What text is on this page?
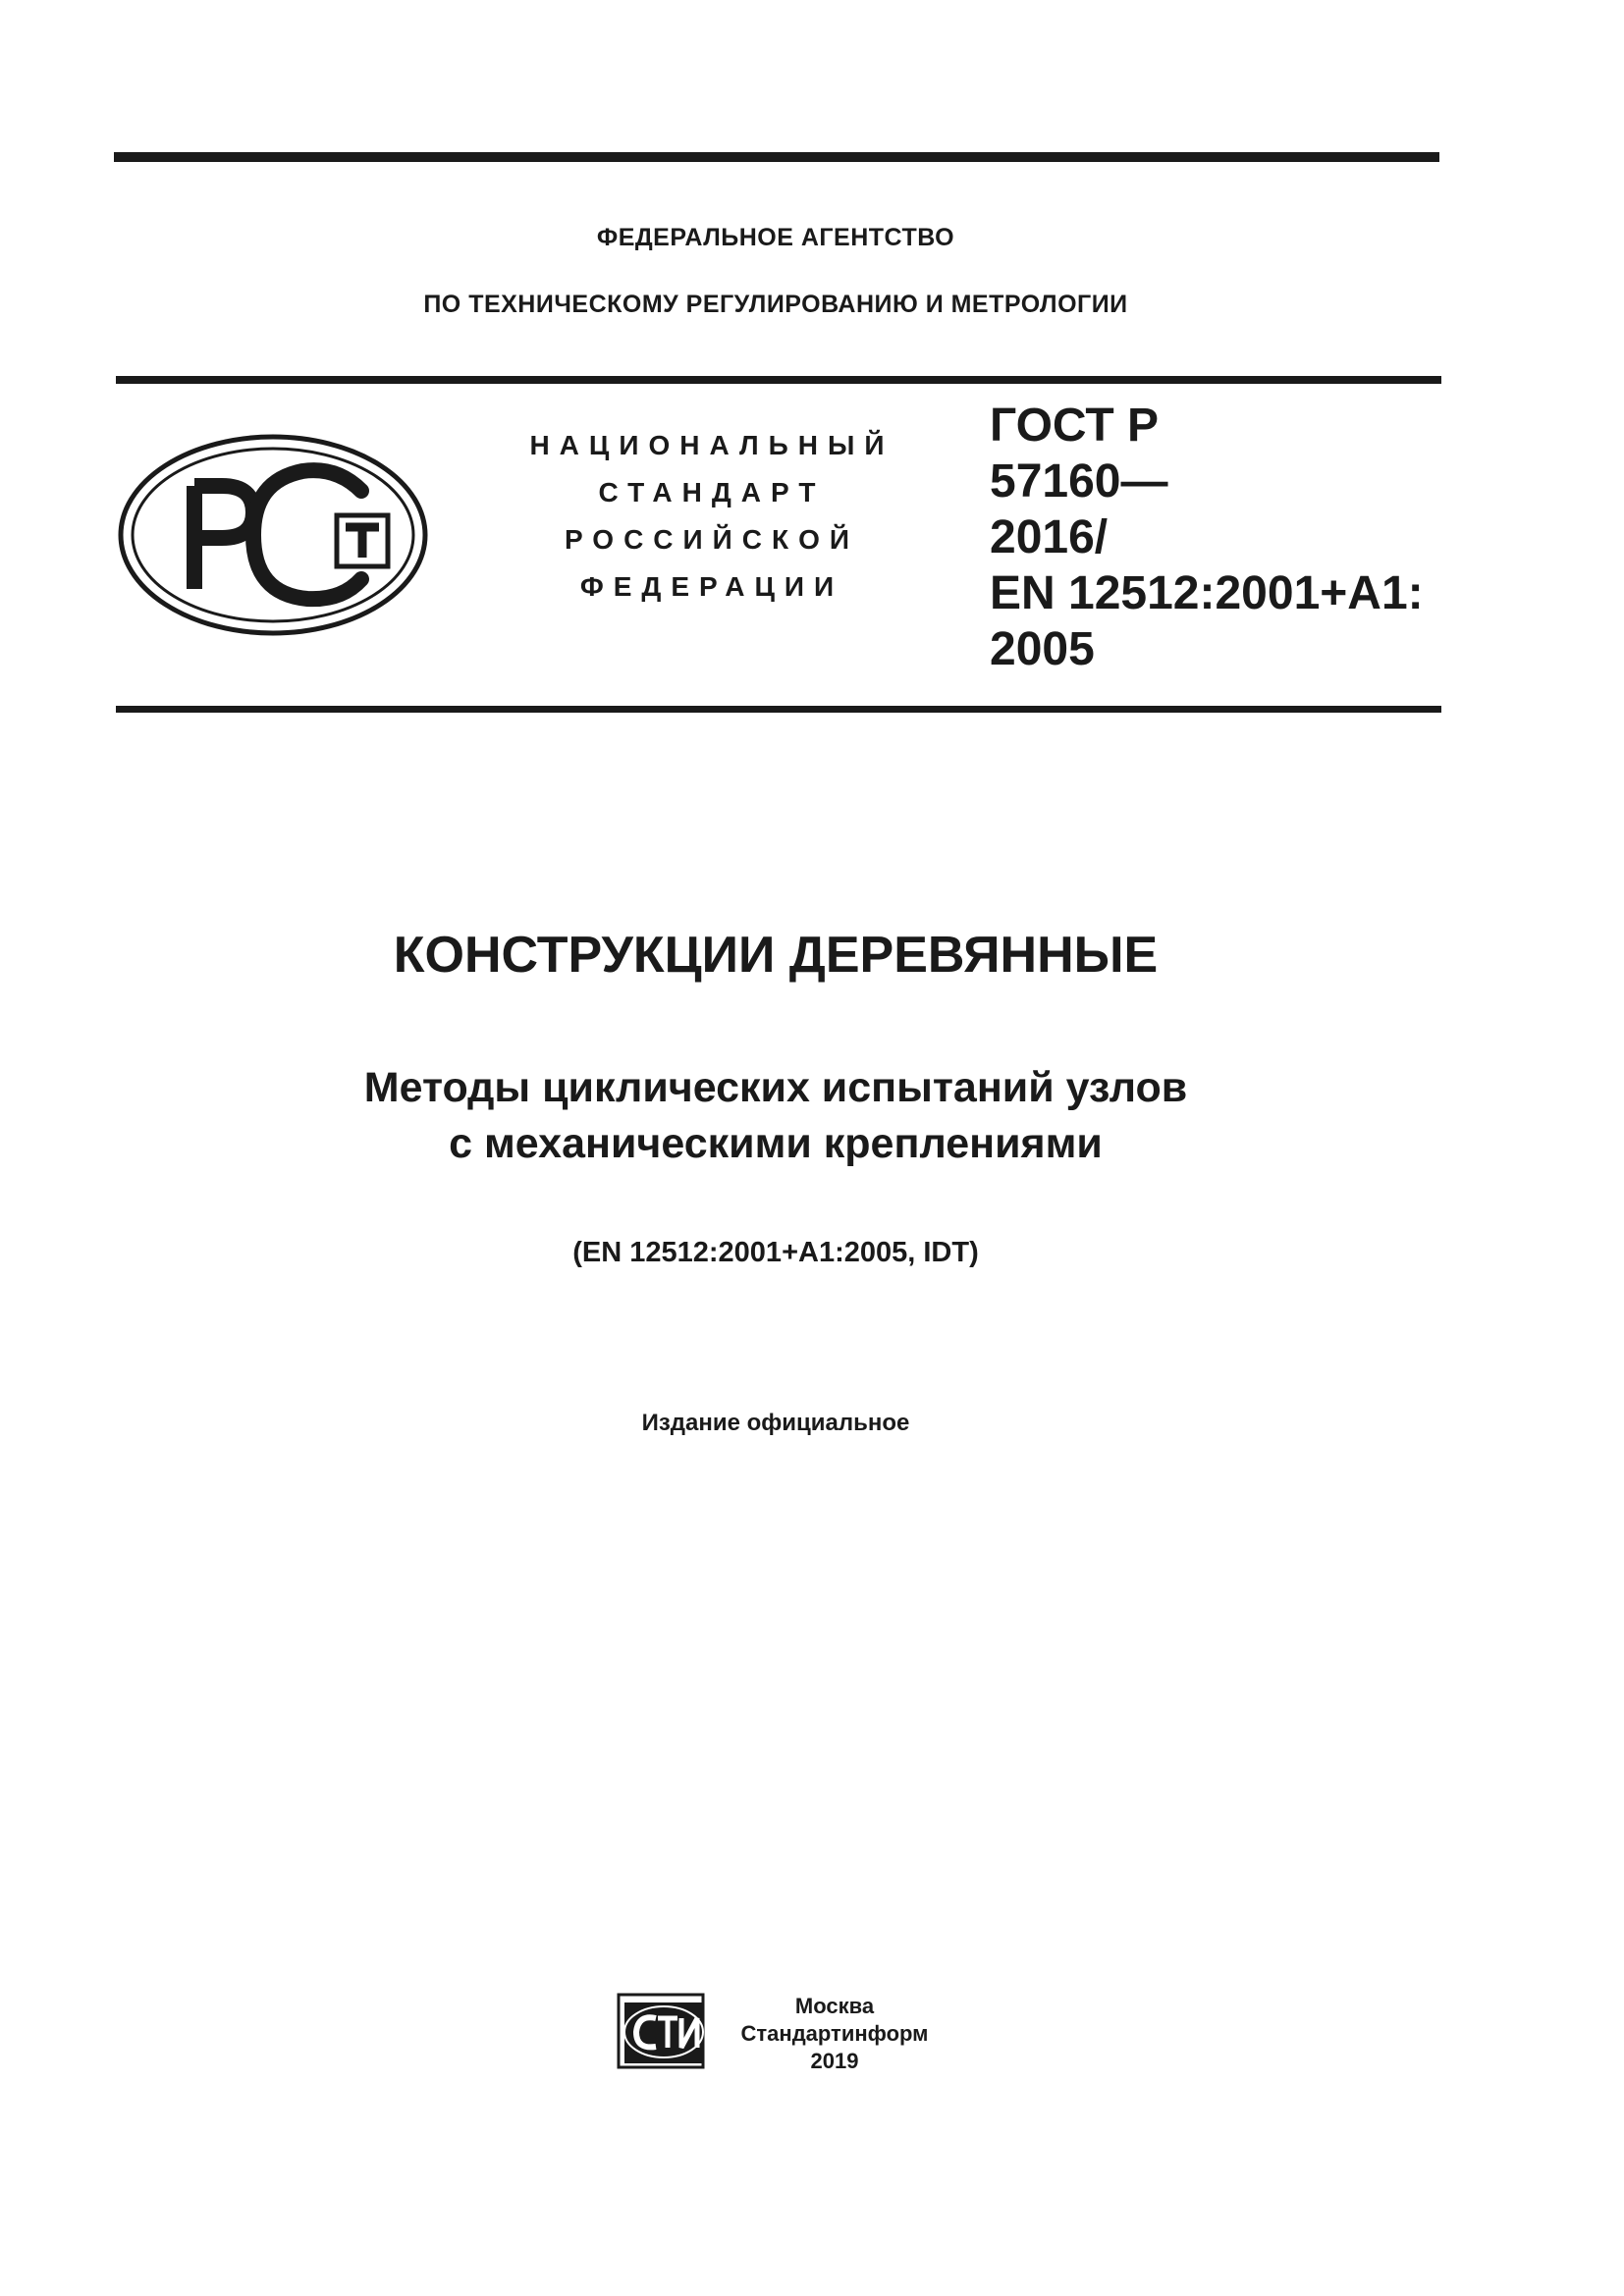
ФЕДЕРАЛЬНОЕ АГЕНТСТВО
ПО ТЕХНИЧЕСКОМУ РЕГУЛИРОВАНИЮ И МЕТРОЛОГИИ
НАЦИОНАЛЬНЫЙ
СТАНДАРТ
РОССИЙСКОЙ
ФЕДЕРАЦИИ
ГОСТ Р
57160—
2016/
EN 12512:2001+A1:
2005
КОНСТРУКЦИИ ДЕРЕВЯННЫЕ
Методы циклических испытаний узлов
с механическими креплениями
(EN 12512:2001+A1:2005, IDT)
Издание официальное
Москва
Стандартинформ
2019
